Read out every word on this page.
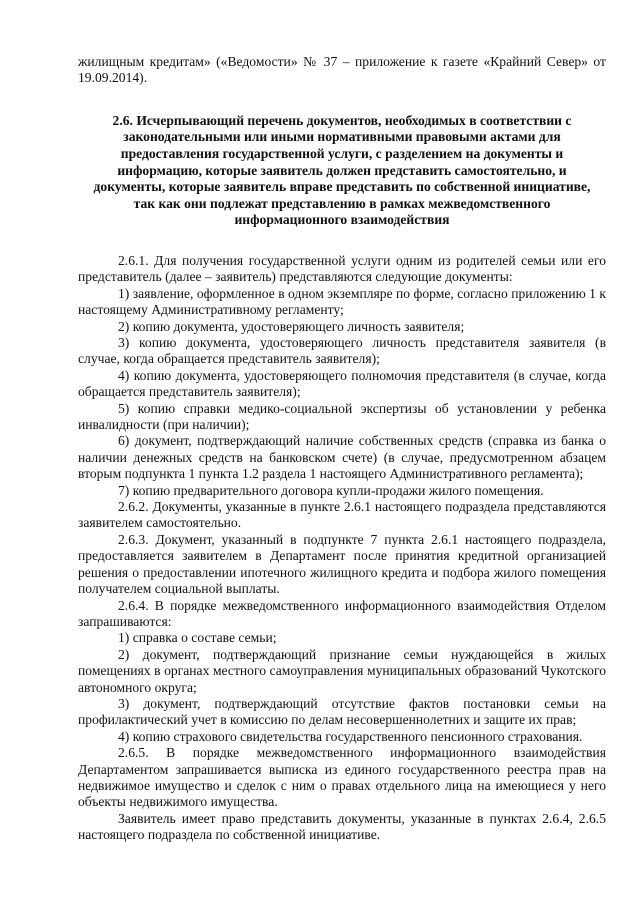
жилищным кредитам» («Ведомости» № 37 – приложение к газете «Крайний Север» от 19.09.2014).

2.6. Исчерпывающий перечень документов, необходимых в соответствии с законодательными или иными нормативными правовыми актами для предоставления государственной услуги, с разделением на документы и информацию, которые заявитель должен представить самостоятельно, и документы, которые заявитель вправе представить по собственной инициативе, так как они подлежат представлению в рамках межведомственного информационного взаимодействия

2.6.1. Для получения государственной услуги одним из родителей семьи или его представитель (далее – заявитель) представляются следующие документы:

1) заявление, оформленное в одном экземпляре по форме, согласно приложению 1 к настоящему Административному регламенту;

2) копию документа, удостоверяющего личность заявителя;

3) копию документа, удостоверяющего личность представителя заявителя (в случае, когда обращается представитель заявителя);

4) копию документа, удостоверяющего полномочия представителя (в случае, когда обращается представитель заявителя);

5) копию справки медико-социальной экспертизы об установлении у ребенка инвалидности (при наличии);

6) документ, подтверждающий наличие собственных средств (справка из банка о наличии денежных средств на банковском счете) (в случае, предусмотренном абзацем вторым подпункта 1 пункта 1.2 раздела 1 настоящего Административного регламента);

7) копию предварительного договора купли-продажи жилого помещения.

2.6.2. Документы, указанные в пункте 2.6.1 настоящего подраздела представляются заявителем самостоятельно.

2.6.3. Документ, указанный в подпункте 7 пункта 2.6.1 настоящего подраздела, предоставляется заявителем в Департамент после принятия кредитной организацией решения о предоставлении ипотечного жилищного кредита и подбора жилого помещения получателем социальной выплаты.

2.6.4. В порядке межведомственного информационного взаимодействия Отделом запрашиваются:

1) справка о составе семьи;

2) документ, подтверждающий признание семьи нуждающейся в жилых помещениях в органах местного самоуправления муниципальных образований Чукотского автономного округа;

3) документ, подтверждающий отсутствие фактов постановки семьи на профилактический учет в комиссию по делам несовершеннолетних и защите их прав;

4) копию страхового свидетельства государственного пенсионного страхования.

2.6.5. В порядке межведомственного информационного взаимодействия Департаментом запрашивается выписка из единого государственного реестра прав на недвижимое имущество и сделок с ним о правах отдельного лица на имеющиеся у него объекты недвижимого имущества.

Заявитель имеет право представить документы, указанные в пунктах 2.6.4, 2.6.5 настоящего подраздела по собственной инициативе.
